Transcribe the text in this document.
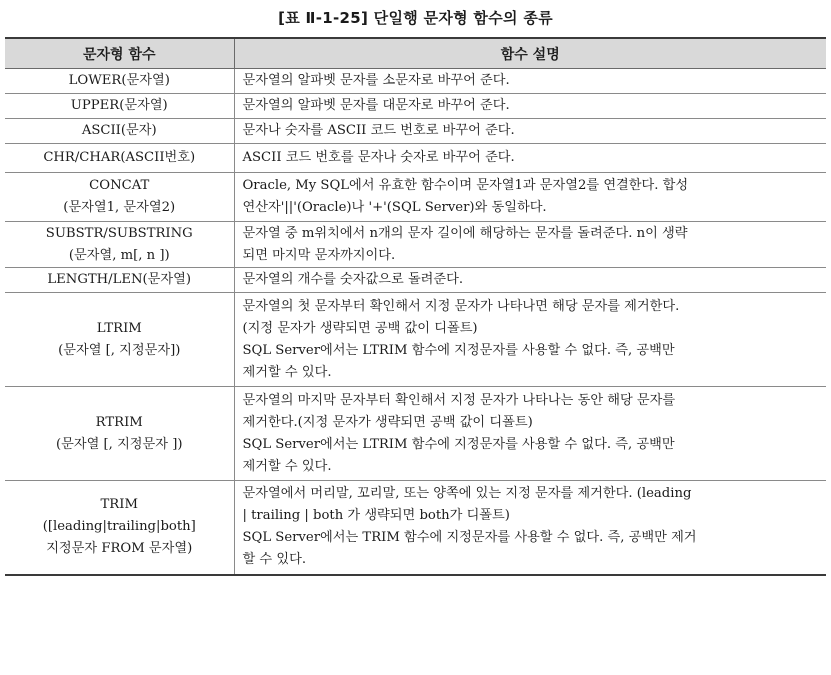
[표 Ⅱ-1-25] 단일행 문자형 함수의 종류
문자형 함수	함수 설명

LOWER(문자열)	문자열의 알파벳 문자를 소문자로 바꾸어 준다.

UPPER(문자열)	문자열의 알파벳 문자를 대문자로 바꾸어 준다.

ASCII(문자)	문자나 숫자를 ASCII 코드 번호로 바꾸어 준다.

CHR/CHAR(ASCII번호)	ASCII 코드 번호를 문자나 숫자로 바꾸어 준다.

CONCAT
(문자열1, 문자열2)	Oracle, My SQL에서 유효한 함수이며 문자열1과 문자열2를 연결한다. 합성
연산자'||'(Oracle)나 '+'(SQL Server)와 동일하다.

SUBSTR/SUBSTRING
(문자열, m[, n ])	문자열 중 m위치에서 n개의 문자 길이에 해당하는 문자를 돌려준다. n이 생략
되면 마지막 문자까지이다.

LENGTH/LEN(문자열)	문자열의 개수를 숫자값으로 돌려준다.

LTRIM
(문자열 [, 지정문자])	문자열의 첫 문자부터 확인해서 지정 문자가 나타나면 해당 문자를 제거한다.
(지정 문자가 생략되면 공백 값이 디폴트)
SQL Server에서는 LTRIM 함수에 지정문자를 사용할 수 없다. 즉, 공백만
제거할 수 있다.

RTRIM
(문자열 [, 지정문자 ])	문자열의 마지막 문자부터 확인해서 지정 문자가 나타나는 동안 해당 문자를
제거한다.(지정 문자가 생략되면 공백 값이 디폴트)
SQL Server에서는 LTRIM 함수에 지정문자를 사용할 수 없다. 즉, 공백만
제거할 수 있다.

TRIM
([leading|trailing|both]
지정문자 FROM 문자열)	문자열에서 머리말, 꼬리말, 또는 양쪽에 있는 지정 문자를 제거한다. (leading
| trailing | both 가 생략되면 both가 디폴트)
SQL Server에서는 TRIM 함수에 지정문자를 사용할 수 없다. 즉, 공백만 제거
할 수 있다.
